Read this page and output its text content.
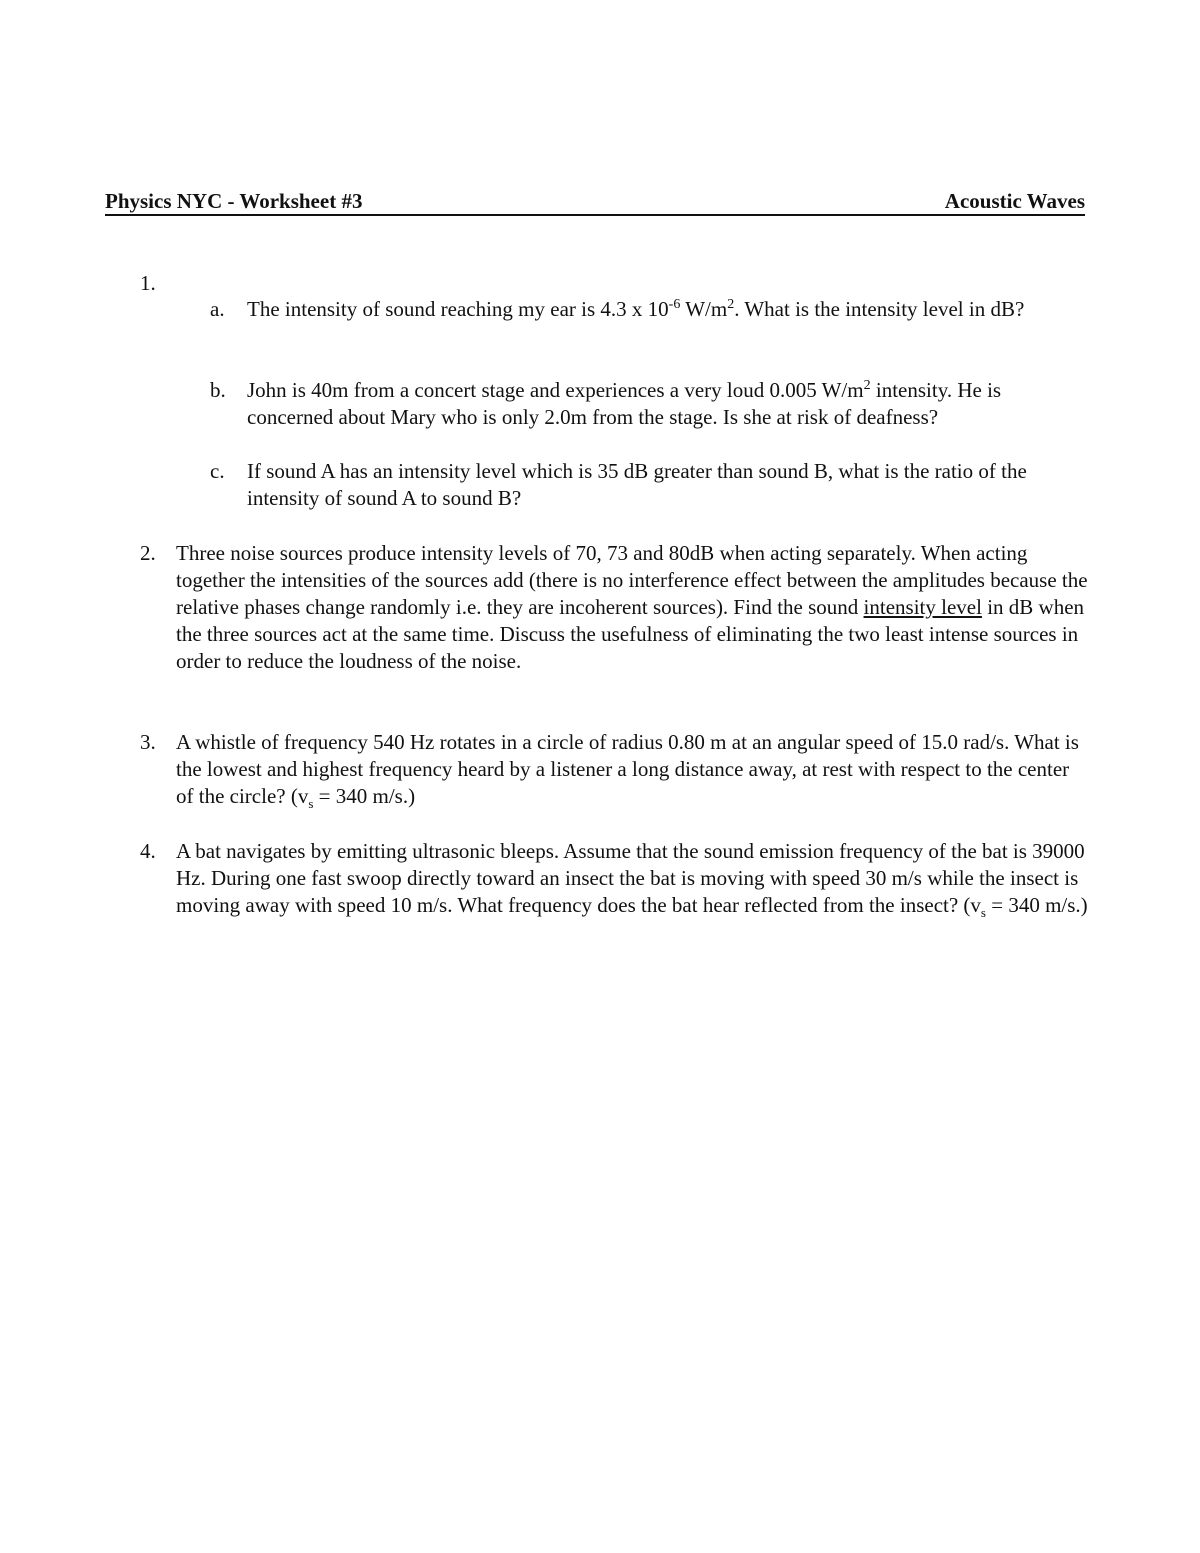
Physics NYC - Worksheet #3	Acoustic Waves
1.
a. The intensity of sound reaching my ear is 4.3 x $10^{-6}$ $W/m^2$. What is the intensity level in dB?
b. John is 40m from a concert stage and experiences a very loud 0.005 $W/m^2$ intensity. He is concerned about Mary who is only 2.0m from the stage. Is she at risk of deafness?
c. If sound A has an intensity level which is 35 dB greater than sound B, what is the ratio of the intensity of sound A to sound B?
2. Three noise sources produce intensity levels of 70, 73 and 80dB when acting separately. When acting together the intensities of the sources add (there is no interference effect between the amplitudes because the relative phases change randomly i.e. they are incoherent sources). Find the sound intensity level in dB when the three sources act at the same time. Discuss the usefulness of eliminating the two least intense sources in order to reduce the loudness of the noise.
3. A whistle of frequency 540 Hz rotates in a circle of radius 0.80 m at an angular speed of 15.0 rad/s. What is the lowest and highest frequency heard by a listener a long distance away, at rest with respect to the center of the circle? ($v_s = 340$ m/s.)
4. A bat navigates by emitting ultrasonic bleeps. Assume that the sound emission frequency of the bat is 39000 Hz. During one fast swoop directly toward an insect the bat is moving with speed 30 m/s while the insect is moving away with speed 10 m/s. What frequency does the bat hear reflected from the insect? ($v_s = 340$ m/s.)
